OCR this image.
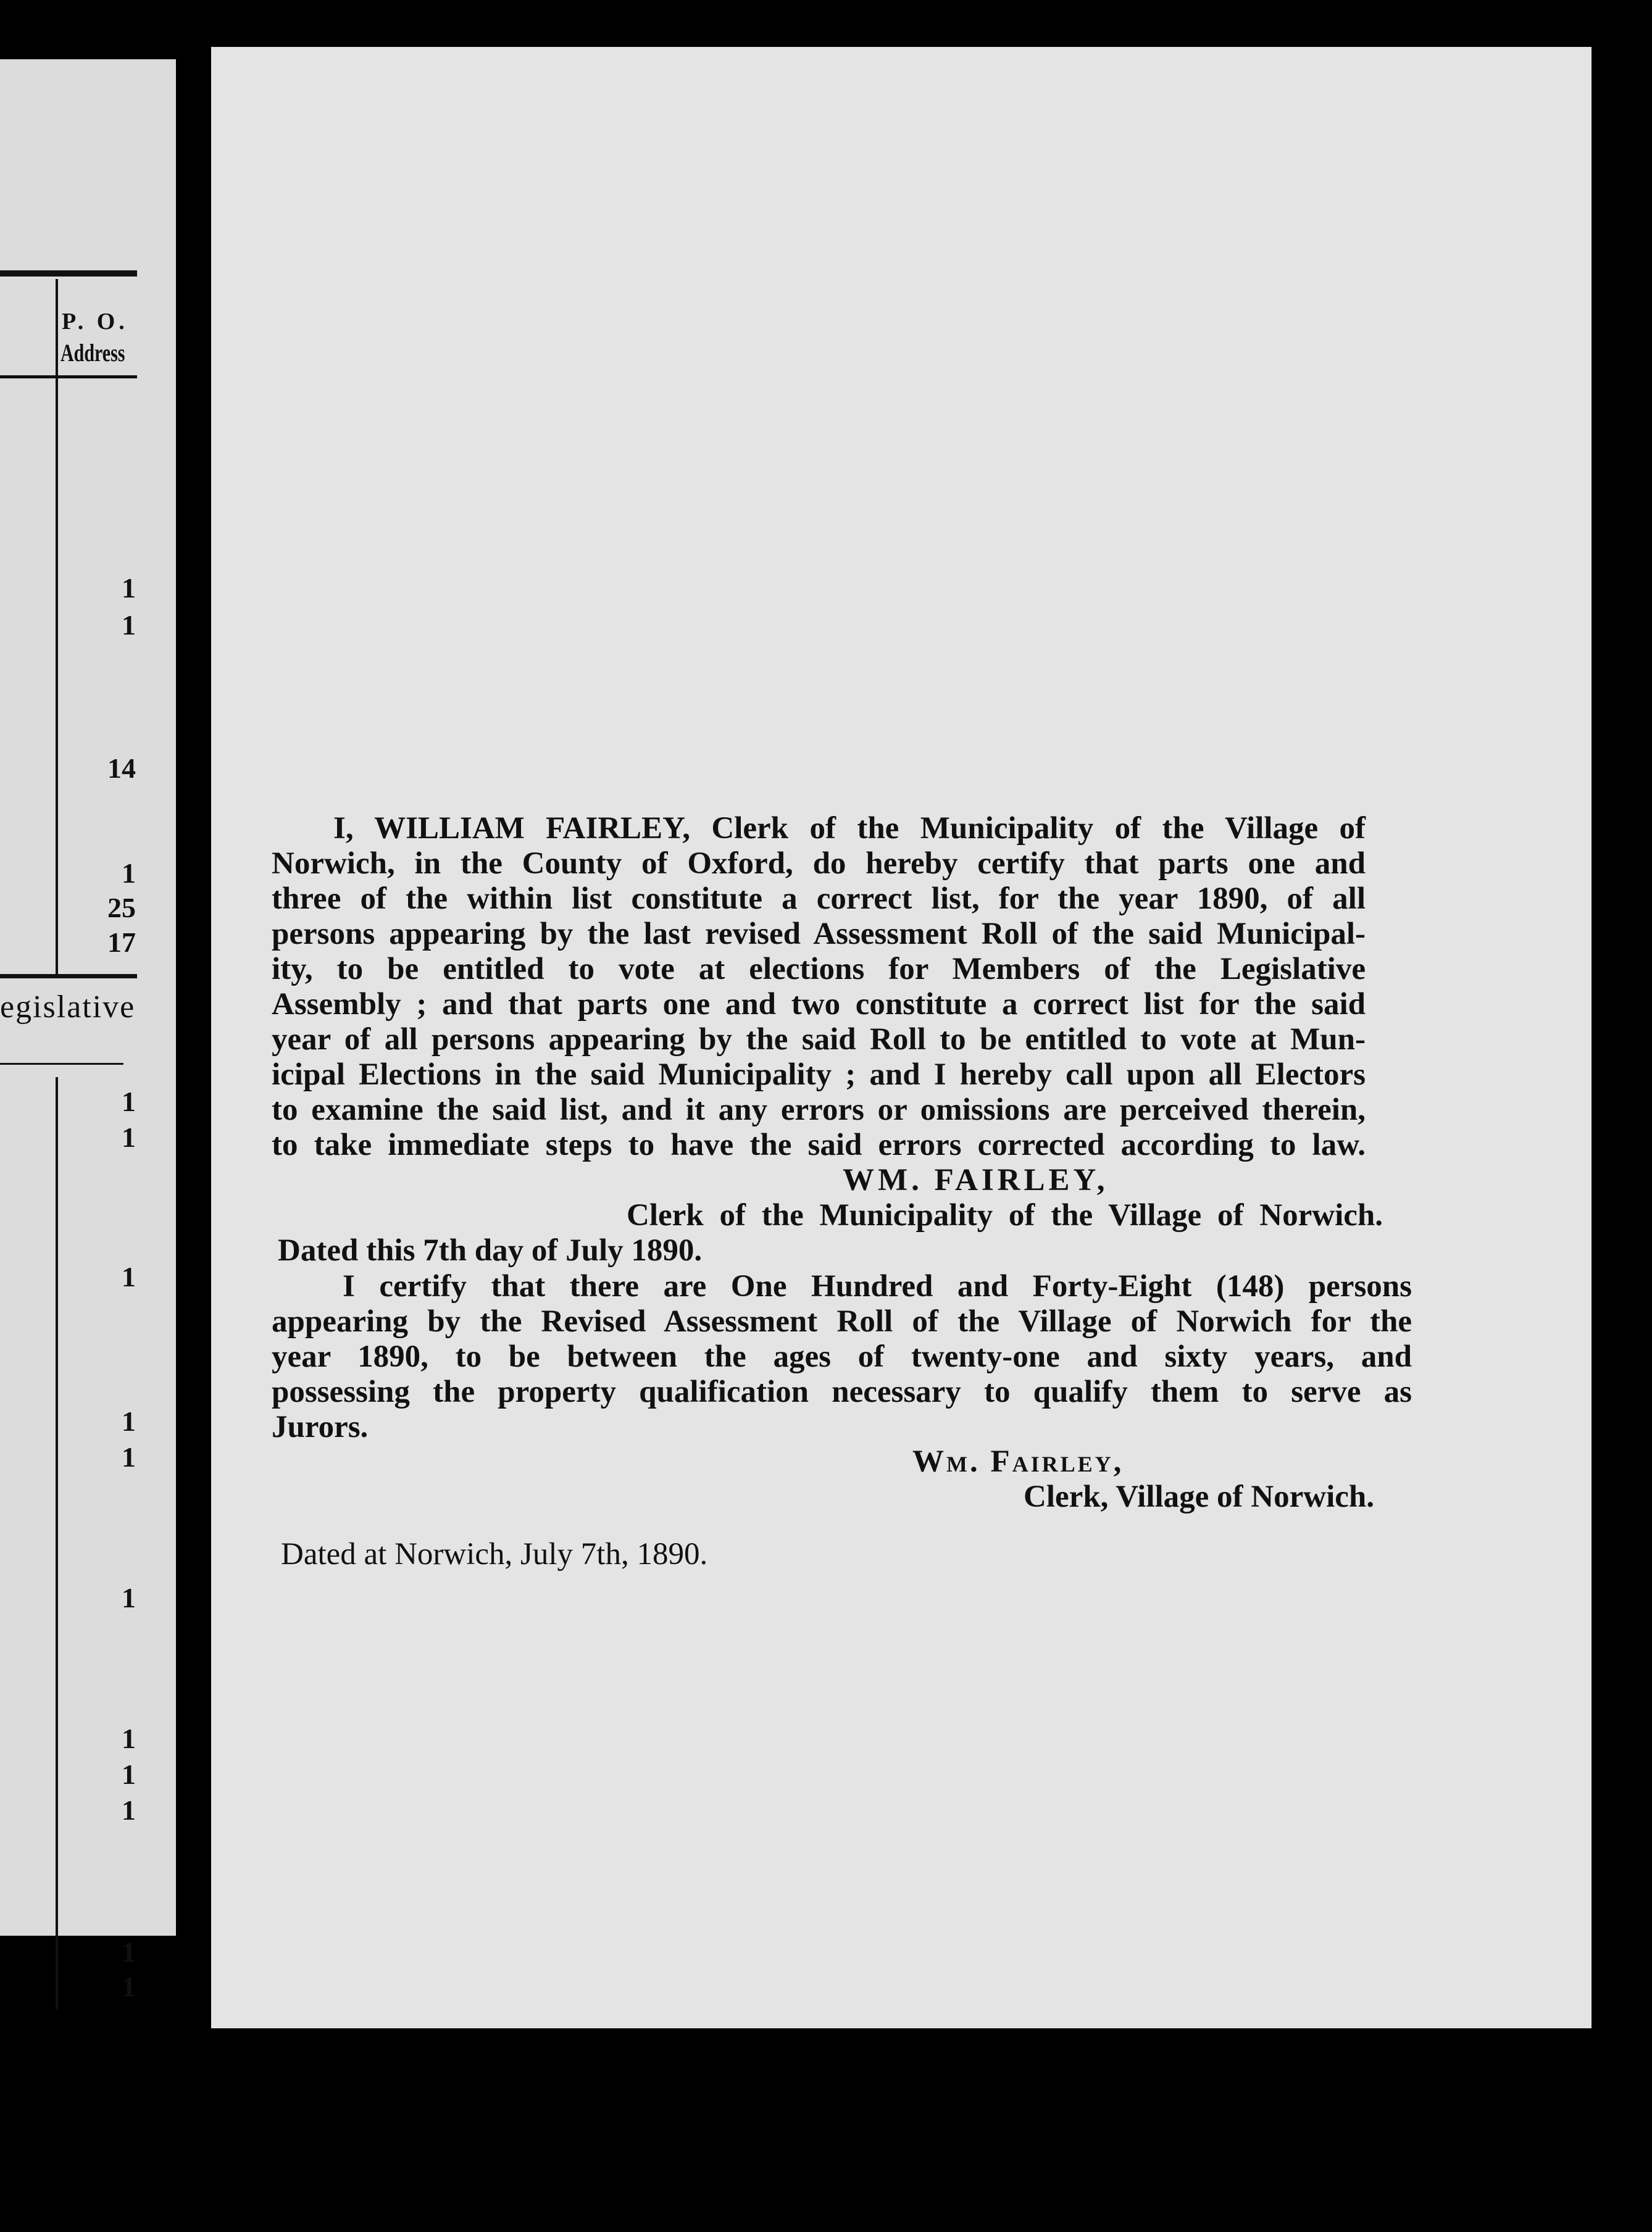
P. O.
Address
1
1
14
1
25
17
egislative
1
1
1
1
1
1
1
1
1
1
1
I, WILLIAM FAIRLEY, Clerk of the Municipality of the Village of
Norwich, in the County of Oxford, do hereby certify that parts one and
three of the within list constitute a correct list, for the year 1890, of all
persons appearing by the last revised Assessment Roll of the said Municipal-
ity, to be entitled to vote at elections for Members of the Legislative
Assembly ; and that parts one and two constitute a correct list for the said
year of all persons appearing by the said Roll to be entitled to vote at Mun-
icipal Elections in the said Municipality ; and I hereby call upon all Electors
to examine the said list, and it any errors or omissions are perceived therein,
to take immediate steps to have the said errors corrected according to law.
WM. FAIRLEY,
Clerk of the Municipality of the Village of Norwich.
Dated this 7th day of July 1890.
I certify that there are One Hundred and Forty-Eight (148) persons
appearing by the Revised Assessment Roll of the Village of Norwich for the
year 1890, to be between the ages of twenty-one and sixty years, and
possessing the property qualification necessary to qualify them to serve as
Jurors.
Wm. Fairley,
Clerk, Village of Norwich.
Dated at Norwich, July 7th, 1890.
